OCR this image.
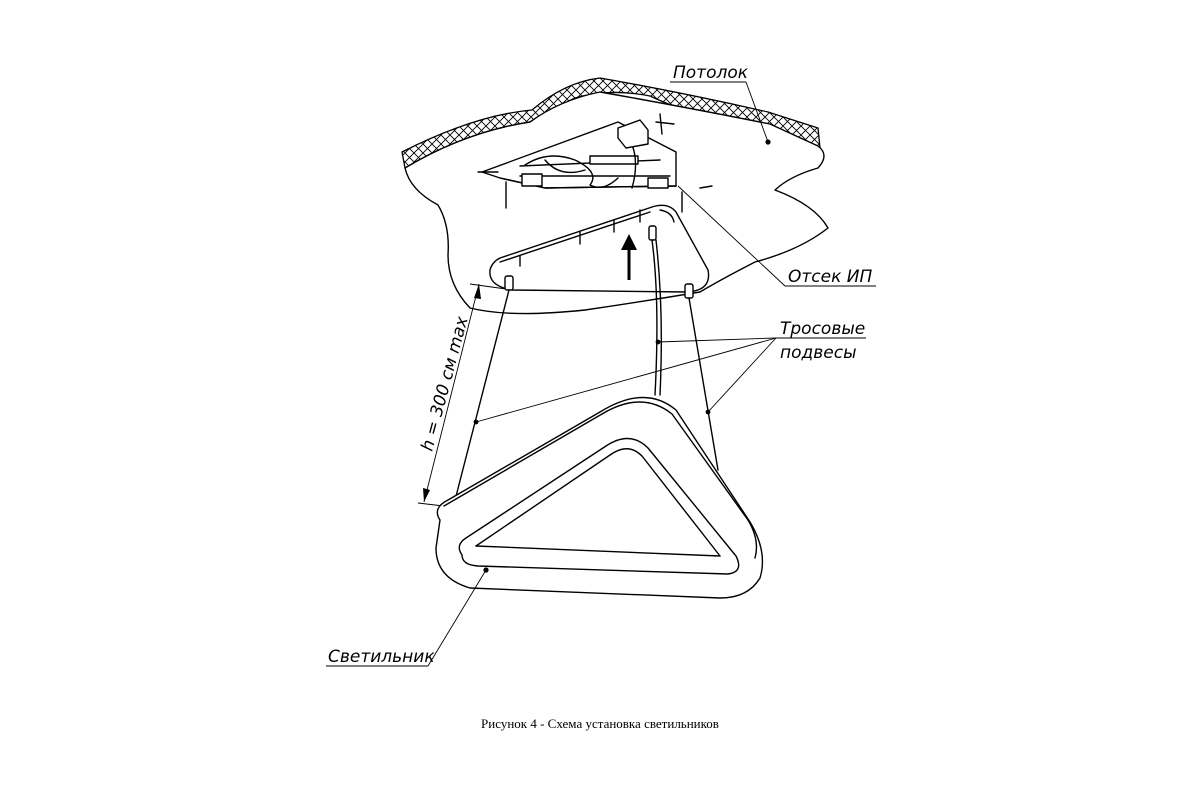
Потолок
Отсек ИП
Тросовые
подвесы
Светильник
h = 300 см max
Рисунок 4 - Схема установка светильников
